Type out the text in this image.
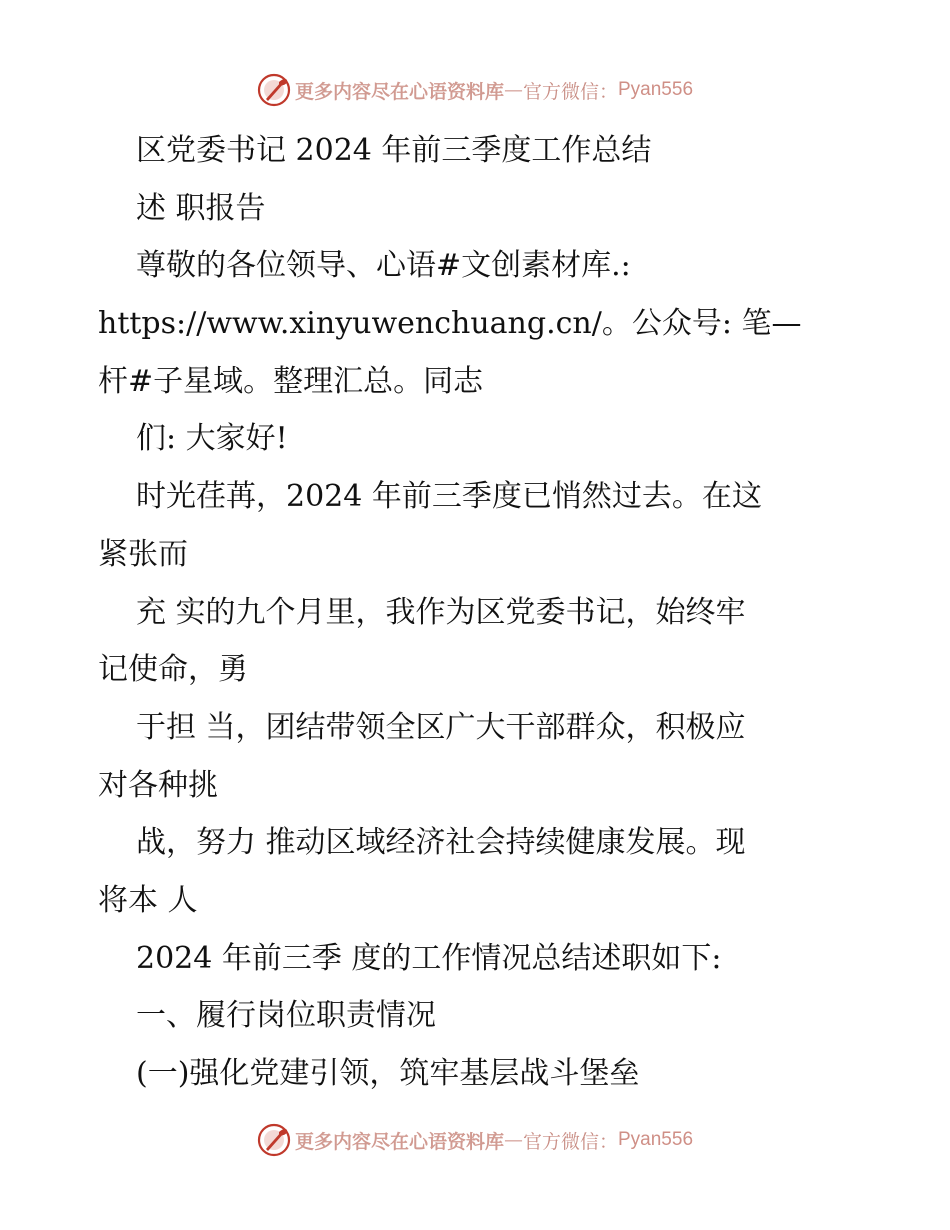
更多内容尽在心语资料库 — 官方微信： Pyan556
区党委书记 2024 年前三季度工作总结
述 职报告
尊敬的各位领导、心语#文创素材库.:
https://www.xinyuwenchuang.cn/。公众号: 笔—
杆#子星域。整理汇总。同志
们: 大家好!
时光荏苒，2024 年前三季度已悄然过去。在这
紧张而
充 实的九个月里，我作为区党委书记，始终牢
记使命，勇
于担 当，团结带领全区广大干部群众，积极应
对各种挑
战，努力 推动区域经济社会持续健康发展。现
将本 人
2024 年前三季 度的工作情况总结述职如下:
一、履行岗位职责情况
(一)强化党建引领，筑牢基层战斗堡垒
更多内容尽在心语资料库 — 官方微信： Pyan556
